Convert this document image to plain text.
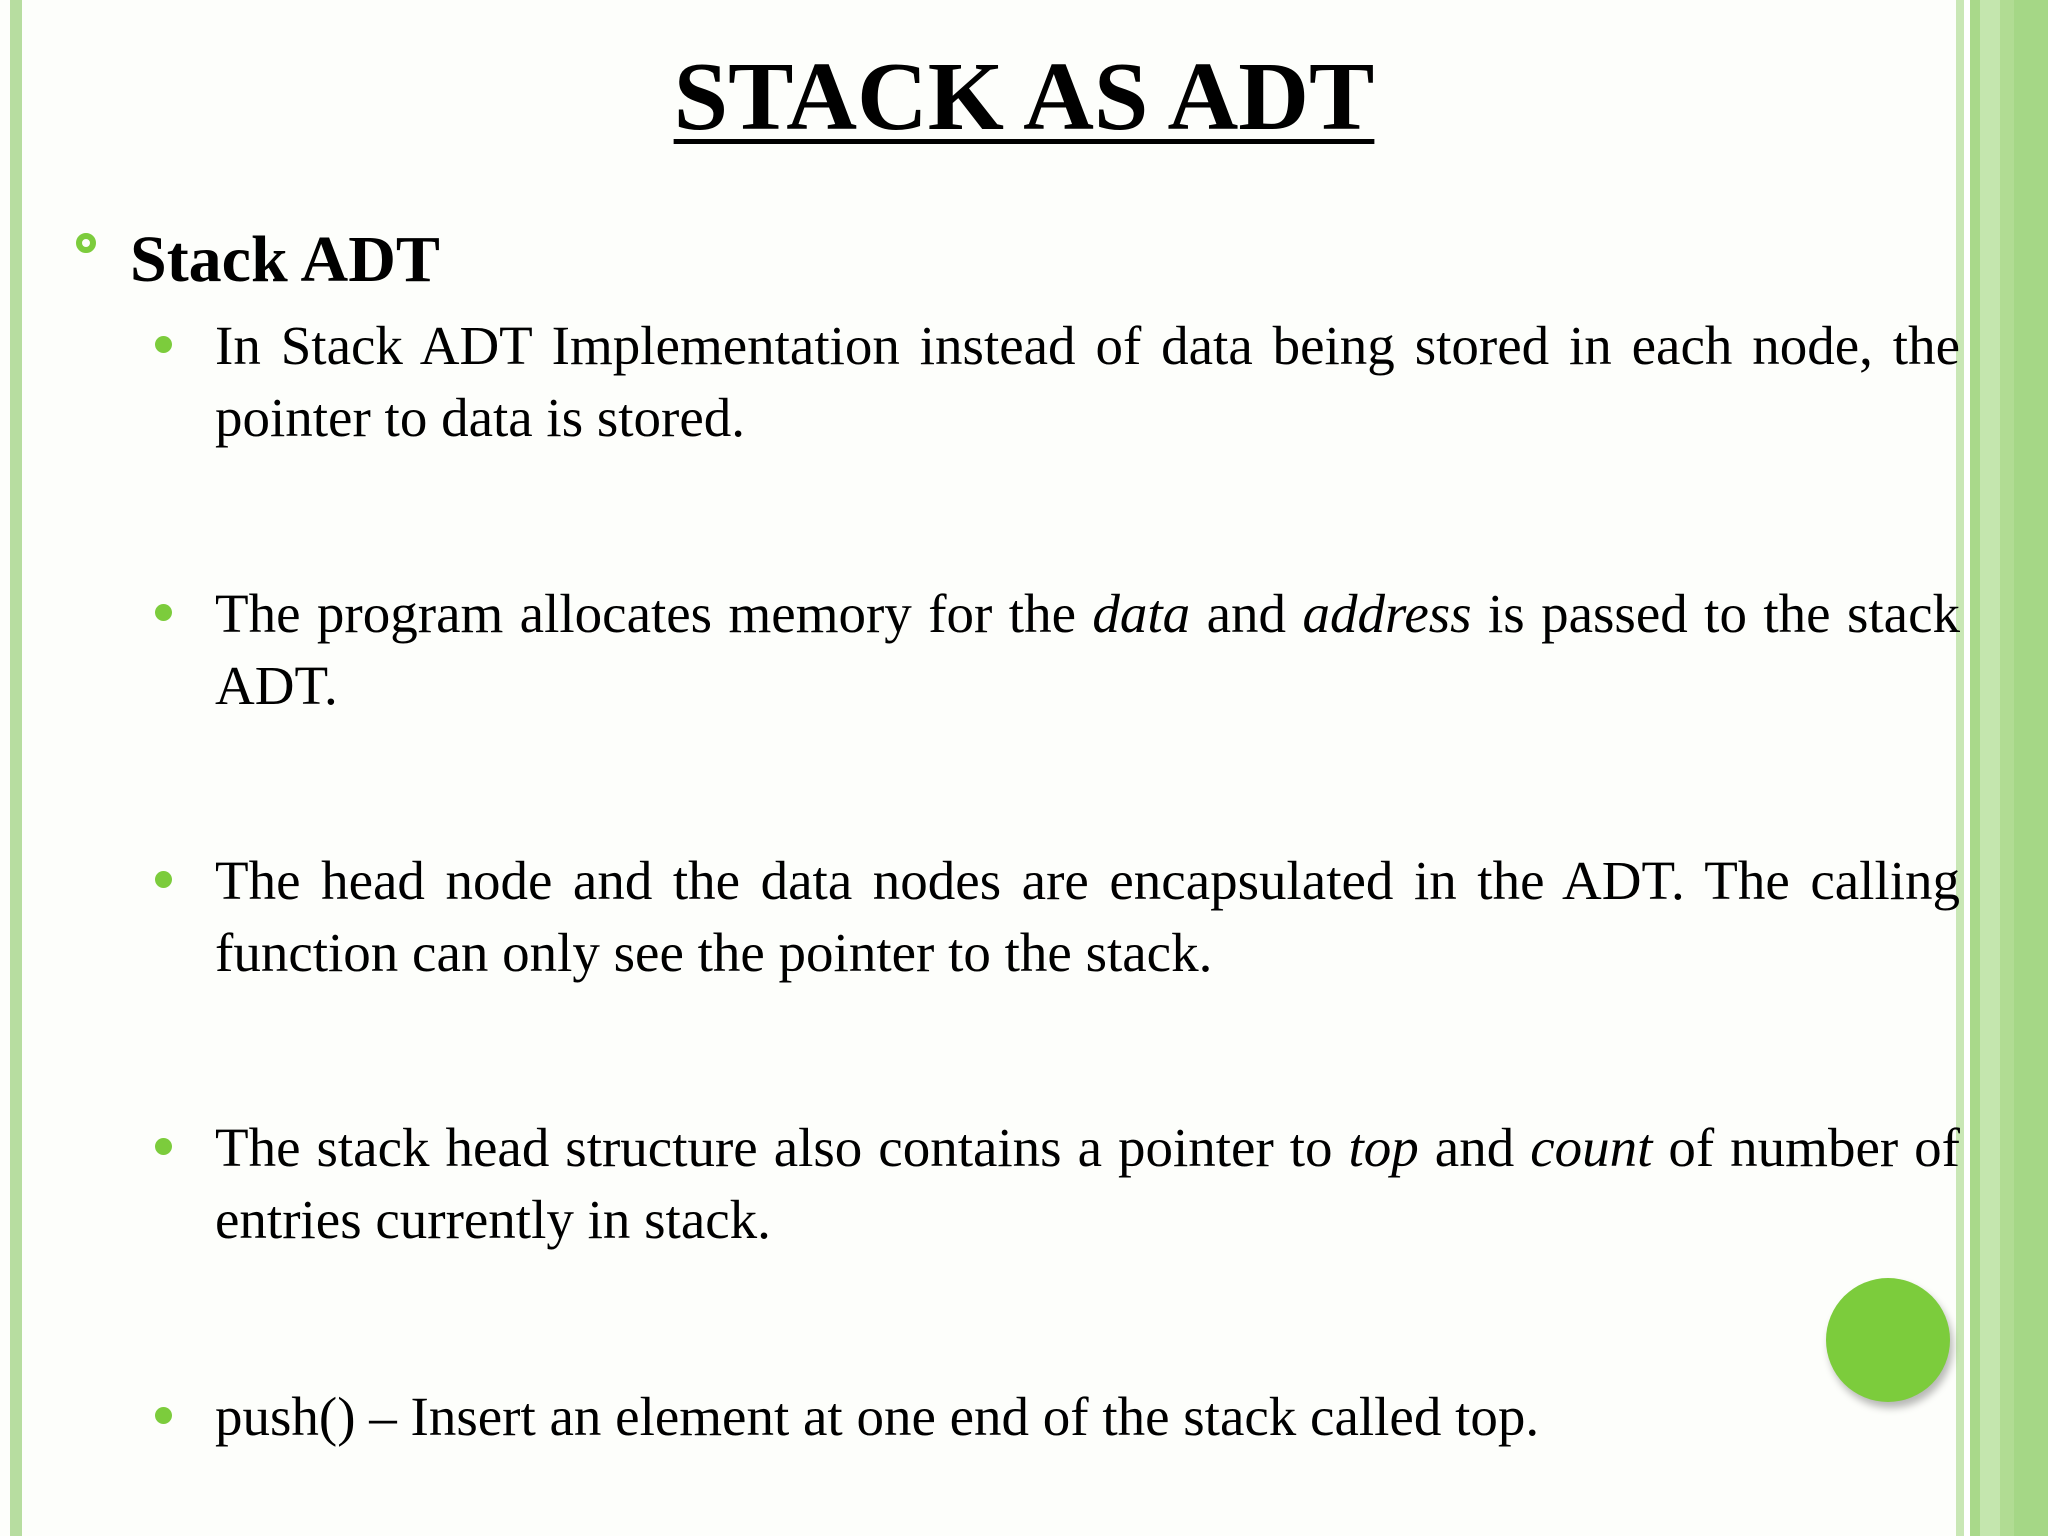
STACK AS ADT
Stack ADT
In Stack ADT Implementation instead of data being stored in each node, the pointer to data is stored.
The program allocates memory for the data and address is passed to the stack ADT.
The head node and the data nodes are encapsulated in the ADT. The calling function can only see the pointer to the stack.
The stack head structure also contains a pointer to top and count of number of entries currently in stack.
push() – Insert an element at one end of the stack called top.
